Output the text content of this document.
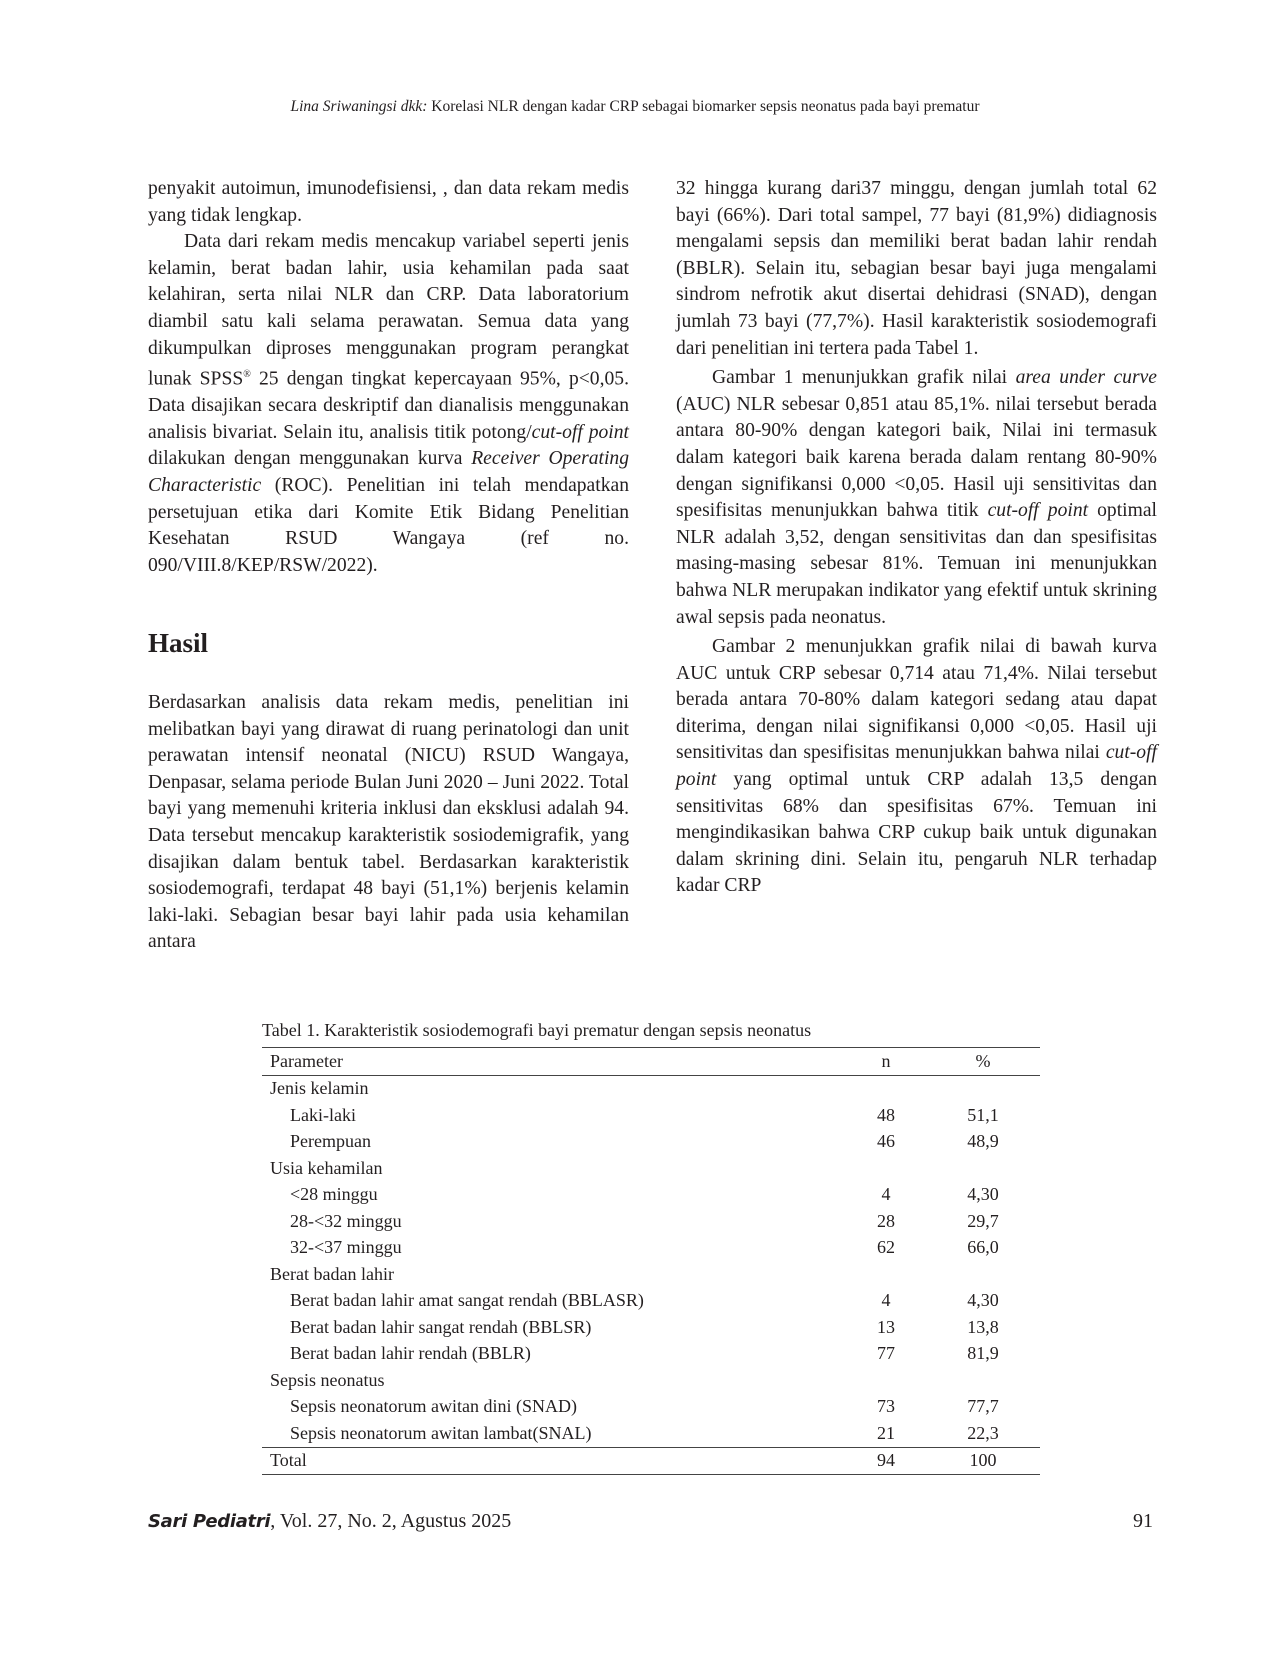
Lina Sriwaningsi dkk: Korelasi NLR dengan kadar CRP sebagai biomarker sepsis neonatus pada bayi prematur

penyakit autoimun, imunodefisiensi, , dan data rekam medis yang tidak lengkap.

Data dari rekam medis mencakup variabel seperti jenis kelamin, berat badan lahir, usia kehamilan pada saat kelahiran, serta nilai NLR dan CRP. Data laboratorium diambil satu kali selama perawatan. Semua data yang dikumpulkan diproses menggunakan program perangkat lunak SPSS® 25 dengan tingkat kepercayaan 95%, p<0,05. Data disajikan secara deskriptif dan dianalisis menggunakan analisis bivariat. Selain itu, analisis titik potong/cut-off point dilakukan dengan menggunakan kurva Receiver Operating Characteristic (ROC). Penelitian ini telah mendapatkan persetujuan etika dari Komite Etik Bidang Penelitian Kesehatan RSUD Wangaya (ref no. 090/VIII.8/KEP/RSW/2022).

Hasil

Berdasarkan analisis data rekam medis, penelitian ini melibatkan bayi yang dirawat di ruang perinatologi dan unit perawatan intensif neonatal (NICU) RSUD Wangaya, Denpasar, selama periode Bulan Juni 2020 – Juni 2022. Total bayi yang memenuhi kriteria inklusi dan eksklusi adalah 94. Data tersebut mencakup karakteristik sosiodemigrafik, yang disajikan dalam bentuk tabel. Berdasarkan karakteristik sosiodemografi, terdapat 48 bayi (51,1%) berjenis kelamin laki-laki. Sebagian besar bayi lahir pada usia kehamilan antara

32 hingga kurang dari37 minggu, dengan jumlah total 62 bayi (66%). Dari total sampel, 77 bayi (81,9%) didiagnosis mengalami sepsis dan memiliki berat badan lahir rendah (BBLR). Selain itu, sebagian besar bayi juga mengalami sindrom nefrotik akut disertai dehidrasi (SNAD), dengan jumlah 73 bayi (77,7%). Hasil karakteristik sosiodemografi dari penelitian ini tertera pada Tabel 1.

Gambar 1 menunjukkan grafik nilai area under curve (AUC) NLR sebesar 0,851 atau 85,1%. nilai tersebut berada antara 80-90% dengan kategori baik, Nilai ini termasuk dalam kategori baik karena berada dalam rentang 80-90% dengan signifikansi 0,000 <0,05. Hasil uji sensitivitas dan spesifisitas menunjukkan bahwa titik cut-off point optimal NLR adalah 3,52, dengan sensitivitas dan dan spesifisitas masing-masing sebesar 81%. Temuan ini menunjukkan bahwa NLR merupakan indikator yang efektif untuk skrining awal sepsis pada neonatus.

Gambar 2 menunjukkan grafik nilai di bawah kurva AUC untuk CRP sebesar 0,714 atau 71,4%. Nilai tersebut berada antara 70-80% dalam kategori sedang atau dapat diterima, dengan nilai signifikansi 0,000 <0,05. Hasil uji sensitivitas dan spesifisitas menunjukkan bahwa nilai cut-off point yang optimal untuk CRP adalah 13,5 dengan sensitivitas 68% dan spesifisitas 67%. Temuan ini mengindikasikan bahwa CRP cukup baik untuk digunakan dalam skrining dini. Selain itu, pengaruh NLR terhadap kadar CRP

Tabel 1. Karakteristik sosiodemografi bayi prematur dengan sepsis neonatus

Parameter	n	%
Jenis kelamin		
Laki-laki	48	51,1
Perempuan	46	48,9
Usia kehamilan		
<28 minggu	4	4,30
28-<32 minggu	28	29,7
32-<37 minggu	62	66,0
Berat badan lahir		
Berat badan lahir amat sangat rendah (BBLASR)	4	4,30
Berat badan lahir sangat rendah (BBLSR)	13	13,8
Berat badan lahir rendah (BBLR)	77	81,9
Sepsis neonatus		
Sepsis neonatorum awitan dini (SNAD)	73	77,7
Sepsis neonatorum awitan lambat(SNAL)	21	22,3
Total	94	100
Sari Pediatri, Vol. 27, No. 2, Agustus 2025	91
